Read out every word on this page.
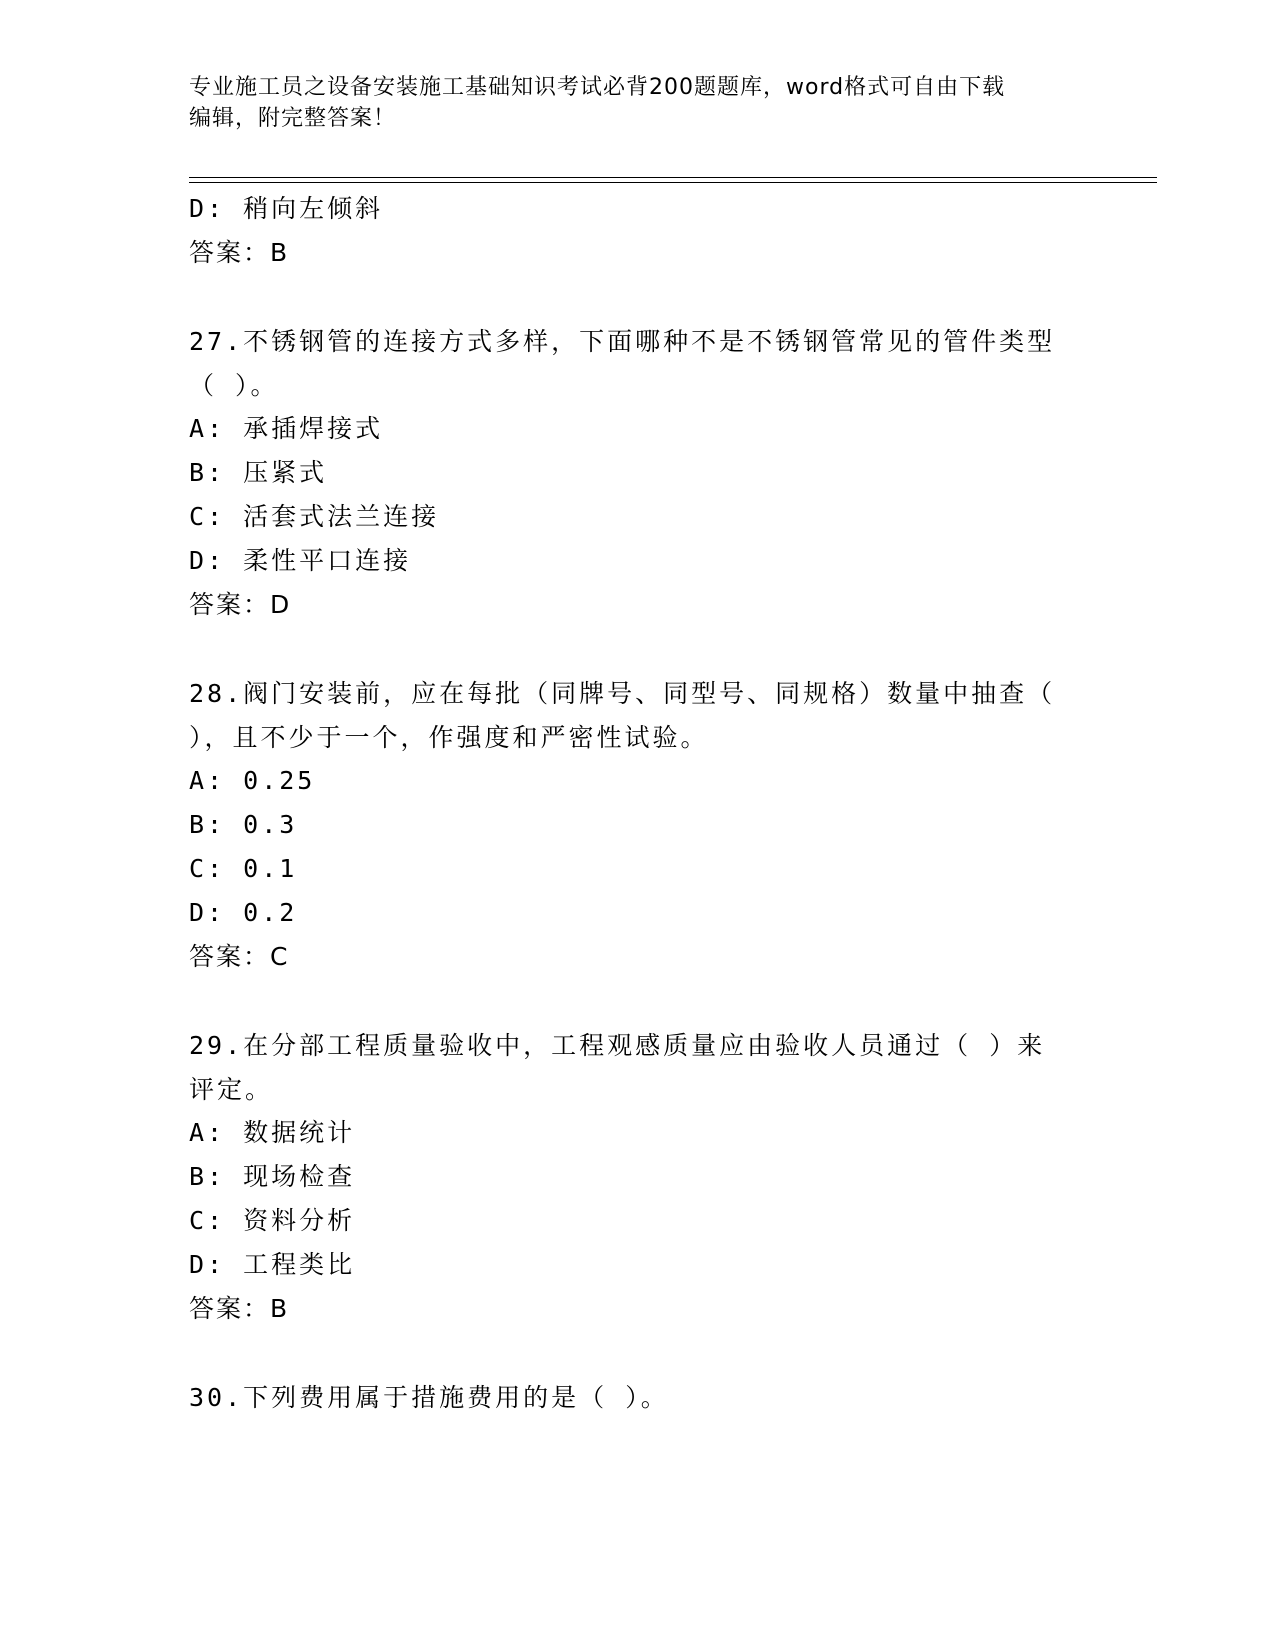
专业施工员之设备安装施工基础知识考试必背200题题库，word格式可自由下载
编辑，附完整答案！
D: 稍向左倾斜
答案：B
27.不锈钢管的连接方式多样，下面哪种不是不锈钢管常见的管件类型
（ ）。
A: 承插焊接式
B: 压紧式
C: 活套式法兰连接
D: 柔性平口连接
答案：D
28.阀门安装前，应在每批（同牌号、同型号、同规格）数量中抽查（
），且不少于一个，作强度和严密性试验。
A: 0.25
B: 0.3
C: 0.1
D: 0.2
答案：C
29.在分部工程质量验收中，工程观感质量应由验收人员通过（ ）来
评定。
A: 数据统计
B: 现场检查
C: 资料分析
D: 工程类比
答案：B
30.下列费用属于措施费用的是（ ）。
